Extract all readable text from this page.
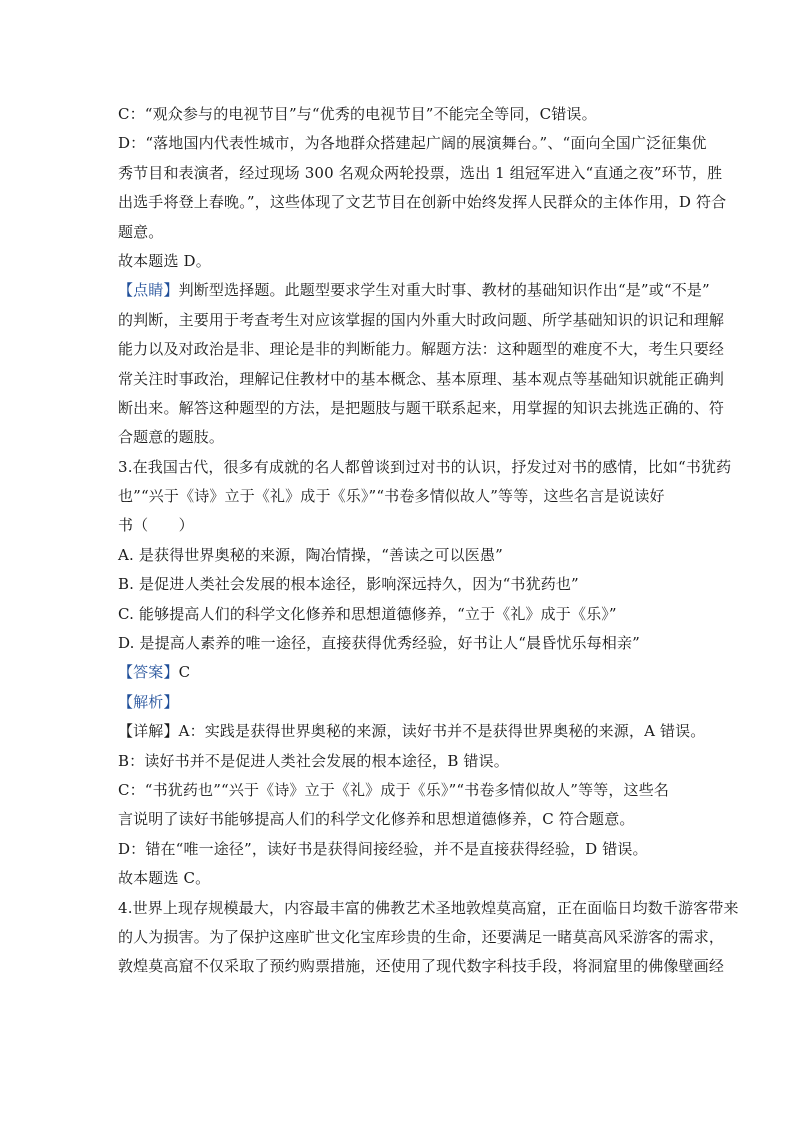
C：“观众参与的电视节目”与“优秀的电视节目”不能完全等同，C错误。
D：“落地国内代表性城市，为各地群众搭建起广阔的展演舞台。”、“面向全国广泛征集优
秀节目和表演者，经过现场 300 名观众两轮投票，选出 1 组冠军进入“直通之夜”环节，胜
出选手将登上春晚。”，这些体现了文艺节目在创新中始终发挥人民群众的主体作用，D 符合
题意。
故本题选 D。
【点睛】判断型选择题。此题型要求学生对重大时事、教材的基础知识作出“是”或“不是”
的判断，主要用于考查考生对应该掌握的国内外重大时政问题、所学基础知识的识记和理解
能力以及对政治是非、理论是非的判断能力。解题方法：这种题型的难度不大，考生只要经
常关注时事政治，理解记住教材中的基本概念、基本原理、基本观点等基础知识就能正确判
断出来。解答这种题型的方法，是把题肢与题干联系起来，用掌握的知识去挑选正确的、符
合题意的题肢。
3.在我国古代，很多有成就的名人都曾谈到过对书的认识，抒发过对书的感情，比如“书犹药
也”“兴于《诗》立于《礼》成于《乐》”“书卷多情似故人”等等，这些名言是说读好
书（　　）
A. 是获得世界奥秘的来源，陶冶情操，“善读之可以医愚”
B. 是促进人类社会发展的根本途径，影响深远持久，因为“书犹药也”
C. 能够提高人们的科学文化修养和思想道德修养，“立于《礼》成于《乐》”
D. 是提高人素养的唯一途径，直接获得优秀经验，好书让人“晨昏忧乐每相亲”
【答案】C
【解析】
【详解】A：实践是获得世界奥秘的来源，读好书并不是获得世界奥秘的来源，A 错误。
B：读好书并不是促进人类社会发展的根本途径，B 错误。
C：“书犹药也”“兴于《诗》立于《礼》成于《乐》”“书卷多情似故人”等等，这些名
言说明了读好书能够提高人们的科学文化修养和思想道德修养，C 符合题意。
D：错在“唯一途径”，读好书是获得间接经验，并不是直接获得经验，D 错误。
故本题选 C。
4.世界上现存规模最大，内容最丰富的佛教艺术圣地敦煌莫高窟，正在面临日均数千游客带来
的人为损害。为了保护这座旷世文化宝库珍贵的生命，还要满足一睹莫高风采游客的需求，
敦煌莫高窟不仅采取了预约购票措施，还使用了现代数字科技手段，将洞窟里的佛像壁画经
